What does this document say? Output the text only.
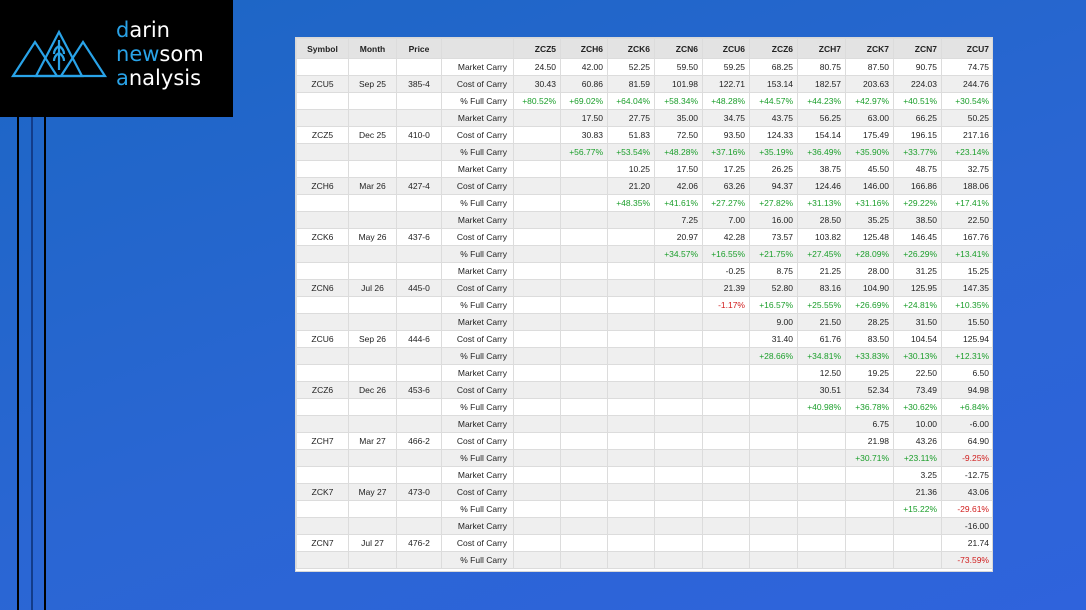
darin
newsom
analysis
Symbol	Month	Price		ZCZ5	ZCH6	ZCK6	ZCN6	ZCU6	ZCZ6	ZCH7	ZCK7	ZCN7	ZCU7
			Market Carry	24.50	42.00	52.25	59.50	59.25	68.25	80.75	87.50	90.75	74.75
ZCU5	Sep 25	385-4	Cost of Carry	30.43	60.86	81.59	101.98	122.71	153.14	182.57	203.63	224.03	244.76
			% Full Carry	+80.52%	+69.02%	+64.04%	+58.34%	+48.28%	+44.57%	+44.23%	+42.97%	+40.51%	+30.54%
			Market Carry		17.50	27.75	35.00	34.75	43.75	56.25	63.00	66.25	50.25
ZCZ5	Dec 25	410-0	Cost of Carry		30.83	51.83	72.50	93.50	124.33	154.14	175.49	196.15	217.16
			% Full Carry		+56.77%	+53.54%	+48.28%	+37.16%	+35.19%	+36.49%	+35.90%	+33.77%	+23.14%
			Market Carry			10.25	17.50	17.25	26.25	38.75	45.50	48.75	32.75
ZCH6	Mar 26	427-4	Cost of Carry			21.20	42.06	63.26	94.37	124.46	146.00	166.86	188.06
			% Full Carry			+48.35%	+41.61%	+27.27%	+27.82%	+31.13%	+31.16%	+29.22%	+17.41%
			Market Carry				7.25	7.00	16.00	28.50	35.25	38.50	22.50
ZCK6	May 26	437-6	Cost of Carry				20.97	42.28	73.57	103.82	125.48	146.45	167.76
			% Full Carry				+34.57%	+16.55%	+21.75%	+27.45%	+28.09%	+26.29%	+13.41%
			Market Carry					-0.25	8.75	21.25	28.00	31.25	15.25
ZCN6	Jul 26	445-0	Cost of Carry					21.39	52.80	83.16	104.90	125.95	147.35
			% Full Carry					-1.17%	+16.57%	+25.55%	+26.69%	+24.81%	+10.35%
			Market Carry						9.00	21.50	28.25	31.50	15.50
ZCU6	Sep 26	444-6	Cost of Carry						31.40	61.76	83.50	104.54	125.94
			% Full Carry						+28.66%	+34.81%	+33.83%	+30.13%	+12.31%
			Market Carry							12.50	19.25	22.50	6.50
ZCZ6	Dec 26	453-6	Cost of Carry							30.51	52.34	73.49	94.98
			% Full Carry							+40.98%	+36.78%	+30.62%	+6.84%
			Market Carry								6.75	10.00	-6.00
ZCH7	Mar 27	466-2	Cost of Carry								21.98	43.26	64.90
			% Full Carry								+30.71%	+23.11%	-9.25%
			Market Carry									3.25	-12.75
ZCK7	May 27	473-0	Cost of Carry									21.36	43.06
			% Full Carry									+15.22%	-29.61%
			Market Carry										-16.00
ZCN7	Jul 27	476-2	Cost of Carry										21.74
			% Full Carry										-73.59%
